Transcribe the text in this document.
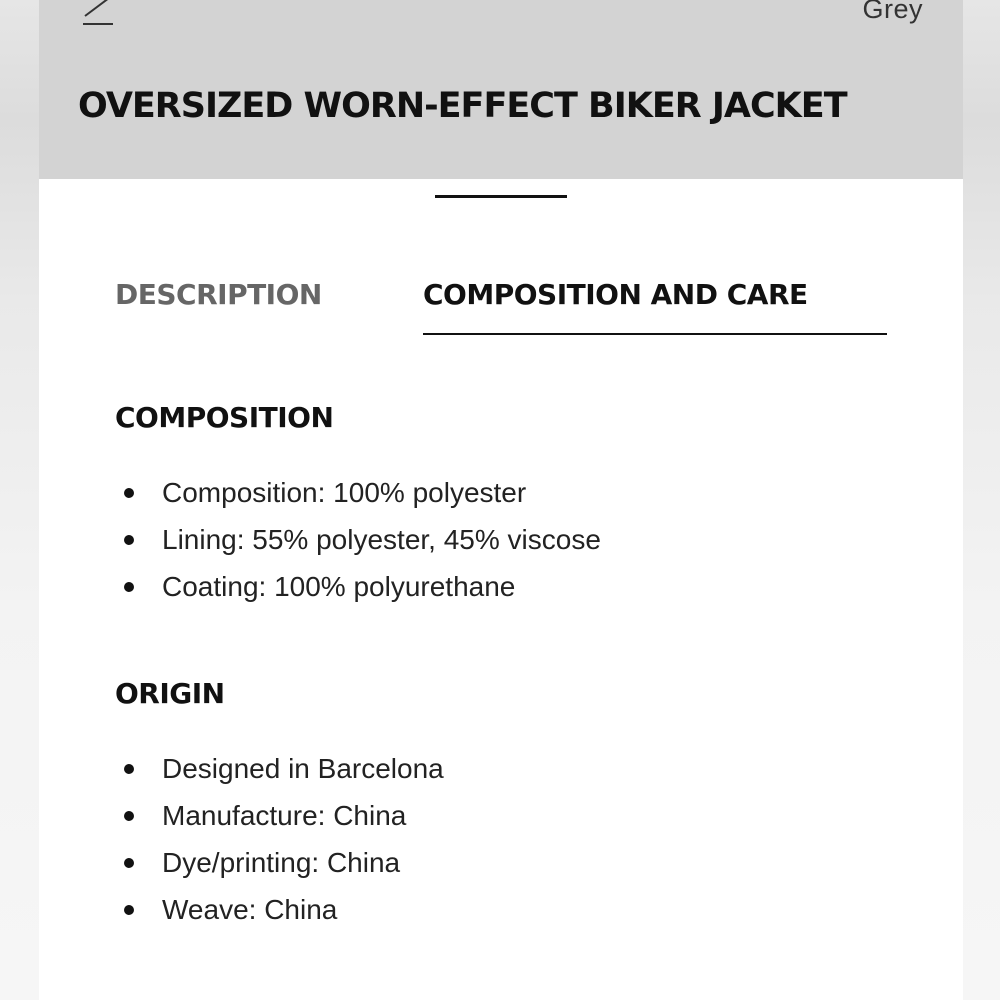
Grey
OVERSIZED WORN-EFFECT BIKER JACKET
DESCRIPTION	COMPOSITION AND CARE
COMPOSITION
Composition: 100% polyester
Lining: 55% polyester, 45% viscose
Coating: 100% polyurethane
ORIGIN
Designed in Barcelona
Manufacture: China
Dye/printing: China
Weave: China
